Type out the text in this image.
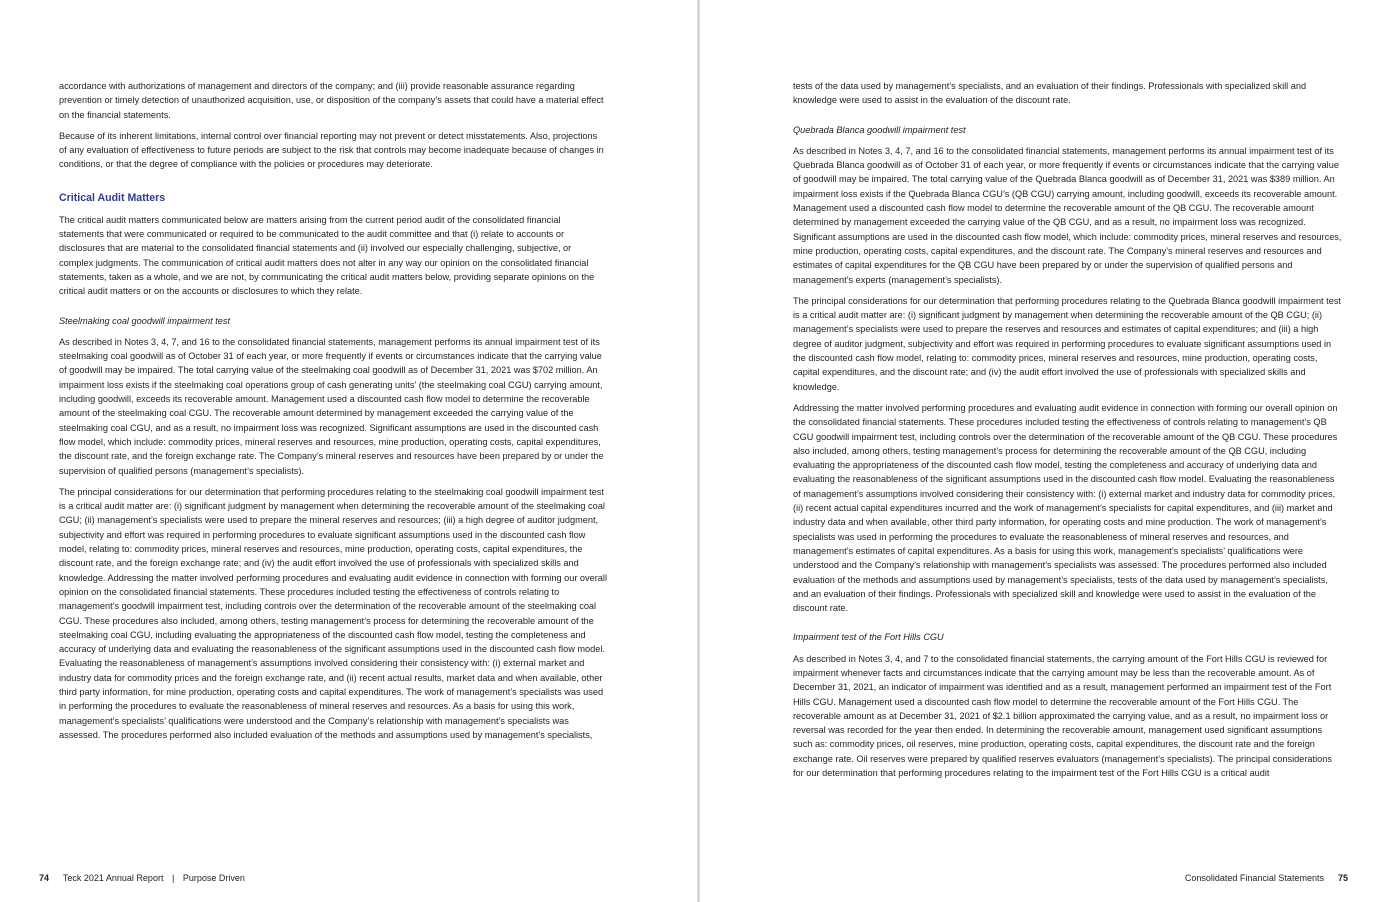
accordance with authorizations of management and directors of the company; and (iii) provide reasonable assurance regarding prevention or timely detection of unauthorized acquisition, use, or disposition of the company’s assets that could have a material effect on the financial statements.

Because of its inherent limitations, internal control over financial reporting may not prevent or detect misstatements. Also, projections of any evaluation of effectiveness to future periods are subject to the risk that controls may become inadequate because of changes in conditions, or that the degree of compliance with the policies or procedures may deteriorate.

Critical Audit Matters

The critical audit matters communicated below are matters arising from the current period audit of the consolidated financial statements that were communicated or required to be communicated to the audit committee and that (i) relate to accounts or disclosures that are material to the consolidated financial statements and (ii) involved our especially challenging, subjective, or complex judgments. The communication of critical audit matters does not alter in any way our opinion on the consolidated financial statements, taken as a whole, and we are not, by communicating the critical audit matters below, providing separate opinions on the critical audit matters or on the accounts or disclosures to which they relate.

Steelmaking coal goodwill impairment test

As described in Notes 3, 4, 7, and 16 to the consolidated financial statements, management performs its annual impairment test of its steelmaking coal goodwill as of October 31 of each year, or more frequently if events or circumstances indicate that the carrying value of goodwill may be impaired. The total carrying value of the steelmaking coal goodwill as of December 31, 2021 was $702 million. An impairment loss exists if the steelmaking coal operations group of cash generating units’ (the steelmaking coal CGU) carrying amount, including goodwill, exceeds its recoverable amount. Management used a discounted cash flow model to determine the recoverable amount of the steelmaking coal CGU. The recoverable amount determined by management exceeded the carrying value of the steelmaking coal CGU, and as a result, no impairment loss was recognized. Significant assumptions are used in the discounted cash flow model, which include: commodity prices, mineral reserves and resources, mine production, operating costs, capital expenditures, the discount rate, and the foreign exchange rate. The Company’s mineral reserves and resources have been prepared by or under the supervision of qualified persons (management’s specialists).

The principal considerations for our determination that performing procedures relating to the steelmaking coal goodwill impairment test is a critical audit matter are: (i) significant judgment by management when determining the recoverable amount of the steelmaking coal CGU; (ii) management’s specialists were used to prepare the mineral reserves and resources; (iii) a high degree of auditor judgment, subjectivity and effort was required in performing procedures to evaluate significant assumptions used in the discounted cash flow model, relating to: commodity prices, mineral reserves and resources, mine production, operating costs, capital expenditures, the discount rate, and the foreign exchange rate; and (iv) the audit effort involved the use of professionals with specialized skills and knowledge. Addressing the matter involved performing procedures and evaluating audit evidence in connection with forming our overall opinion on the consolidated financial statements. These procedures included testing the effectiveness of controls relating to management’s goodwill impairment test, including controls over the determination of the recoverable amount of the steelmaking coal CGU. These procedures also included, among others, testing management’s process for determining the recoverable amount of the steelmaking coal CGU, including evaluating the appropriateness of the discounted cash flow model, testing the completeness and accuracy of underlying data and evaluating the reasonableness of the significant assumptions used in the discounted cash flow model. Evaluating the reasonableness of management’s assumptions involved considering their consistency with: (i) external market and industry data for commodity prices and the foreign exchange rate, and (ii) recent actual results, market data and when available, other third party information, for mine production, operating costs and capital expenditures. The work of management’s specialists was used in performing the procedures to evaluate the reasonableness of mineral reserves and resources. As a basis for using this work, management’s specialists’ qualifications were understood and the Company’s relationship with management’s specialists was assessed. The procedures performed also included evaluation of the methods and assumptions used by management’s specialists,

74 Teck 2021 Annual Report | Purpose Driven

tests of the data used by management’s specialists, and an evaluation of their findings. Professionals with specialized skill and knowledge were used to assist in the evaluation of the discount rate.

Quebrada Blanca goodwill impairment test

As described in Notes 3, 4, 7, and 16 to the consolidated financial statements, management performs its annual impairment test of its Quebrada Blanca goodwill as of October 31 of each year, or more frequently if events or circumstances indicate that the carrying value of goodwill may be impaired. The total carrying value of the Quebrada Blanca goodwill as of December 31, 2021 was $389 million. An impairment loss exists if the Quebrada Blanca CGU’s (QB CGU) carrying amount, including goodwill, exceeds its recoverable amount. Management used a discounted cash flow model to determine the recoverable amount of the QB CGU. The recoverable amount determined by management exceeded the carrying value of the QB CGU, and as a result, no impairment loss was recognized. Significant assumptions are used in the discounted cash flow model, which include: commodity prices, mineral reserves and resources, mine production, operating costs, capital expenditures, and the discount rate. The Company’s mineral reserves and resources and estimates of capital expenditures for the QB CGU have been prepared by or under the supervision of qualified persons and management’s experts (management’s specialists).

The principal considerations for our determination that performing procedures relating to the Quebrada Blanca goodwill impairment test is a critical audit matter are: (i) significant judgment by management when determining the recoverable amount of the QB CGU; (ii) management’s specialists were used to prepare the reserves and resources and estimates of capital expenditures; and (iii) a high degree of auditor judgment, subjectivity and effort was required in performing procedures to evaluate significant assumptions used in the discounted cash flow model, relating to: commodity prices, mineral reserves and resources, mine production, operating costs, capital expenditures, and the discount rate; and (iv) the audit effort involved the use of professionals with specialized skills and knowledge.

Addressing the matter involved performing procedures and evaluating audit evidence in connection with forming our overall opinion on the consolidated financial statements. These procedures included testing the effectiveness of controls relating to management’s QB CGU goodwill impairment test, including controls over the determination of the recoverable amount of the QB CGU. These procedures also included, among others, testing management’s process for determining the recoverable amount of the QB CGU, including evaluating the appropriateness of the discounted cash flow model, testing the completeness and accuracy of underlying data and evaluating the reasonableness of the significant assumptions used in the discounted cash flow model. Evaluating the reasonableness of management’s assumptions involved considering their consistency with: (i) external market and industry data for commodity prices, (ii) recent actual capital expenditures incurred and the work of management’s specialists for capital expenditures, and (iii) market and industry data and when available, other third party information, for operating costs and mine production. The work of management’s specialists was used in performing the procedures to evaluate the reasonableness of mineral reserves and resources, and management’s estimates of capital expenditures. As a basis for using this work, management’s specialists’ qualifications were understood and the Company’s relationship with management’s specialists was assessed. The procedures performed also included evaluation of the methods and assumptions used by management’s specialists, tests of the data used by management’s specialists, and an evaluation of their findings. Professionals with specialized skill and knowledge were used to assist in the evaluation of the discount rate.

Impairment test of the Fort Hills CGU

As described in Notes 3, 4, and 7 to the consolidated financial statements, the carrying amount of the Fort Hills CGU is reviewed for impairment whenever facts and circumstances indicate that the carrying amount may be less than the recoverable amount. As of December 31, 2021, an indicator of impairment was identified and as a result, management performed an impairment test of the Fort Hills CGU. Management used a discounted cash flow model to determine the recoverable amount of the Fort Hills CGU. The recoverable amount as at December 31, 2021 of $2.1 billion approximated the carrying value, and as a result, no impairment loss or reversal was recorded for the year then ended. In determining the recoverable amount, management used significant assumptions such as: commodity prices, oil reserves, mine production, operating costs, capital expenditures, the discount rate and the foreign exchange rate. Oil reserves were prepared by qualified reserves evaluators (management’s specialists). The principal considerations for our determination that performing procedures relating to the impairment test of the Fort Hills CGU is a critical audit

Consolidated Financial Statements 75
